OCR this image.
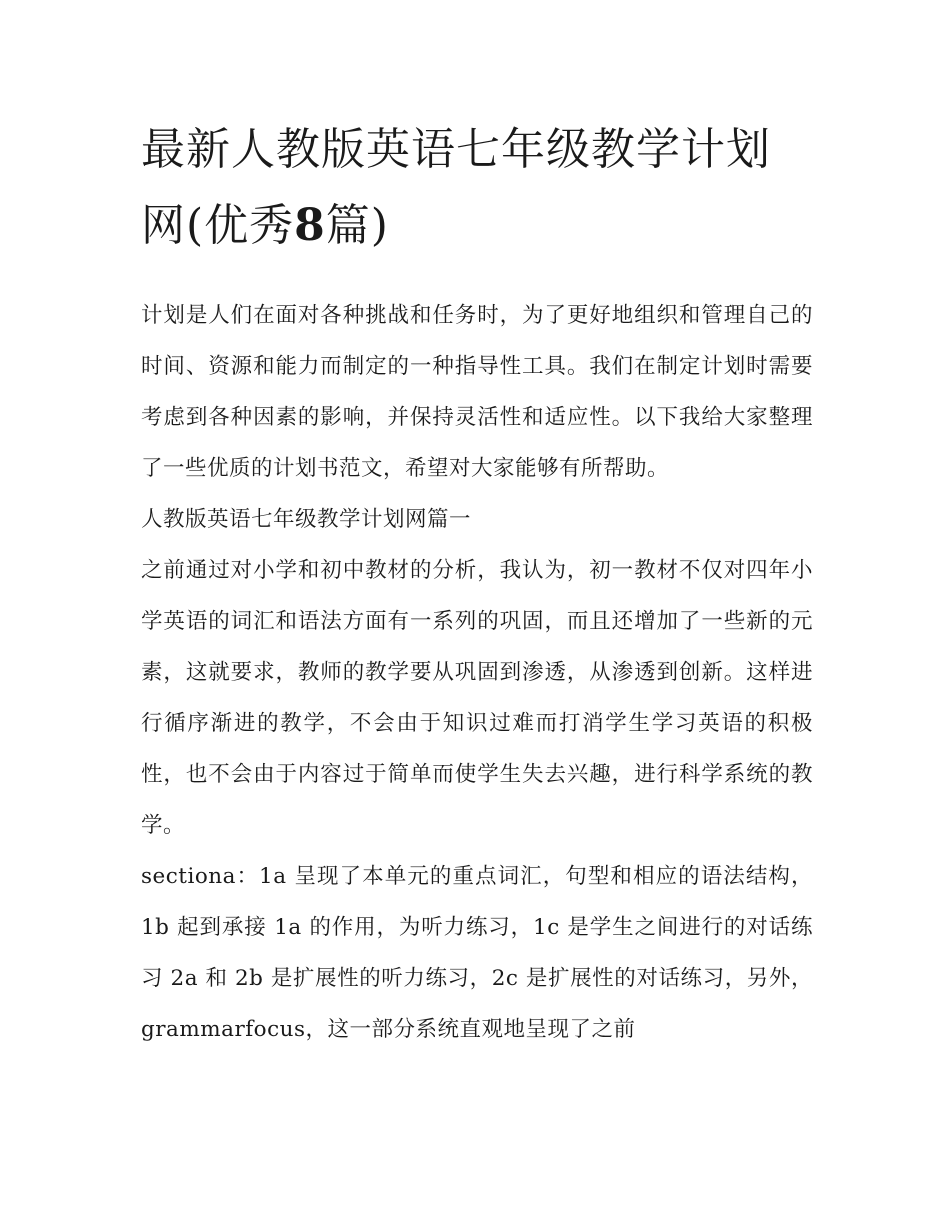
最新人教版英语七年级教学计划网(优秀8篇)

计划是人们在面对各种挑战和任务时，为了更好地组织和管理自己的时间、资源和能力而制定的一种指导性工具。我们在制定计划时需要考虑到各种因素的影响，并保持灵活性和适应性。以下我给大家整理了一些优质的计划书范文，希望对大家能够有所帮助。

人教版英语七年级教学计划网篇一

之前通过对小学和初中教材的分析，我认为，初一教材不仅对四年小学英语的词汇和语法方面有一系列的巩固，而且还增加了一些新的元素，这就要求，教师的教学要从巩固到渗透，从渗透到创新。这样进行循序渐进的教学，不会由于知识过难而打消学生学习英语的积极性，也不会由于内容过于简单而使学生失去兴趣，进行科学系统的教学。

sectiona：1a 呈现了本单元的重点词汇，句型和相应的语法结构，1b 起到承接 1a 的作用，为听力练习，1c 是学生之间进行的对话练习 2a 和 2b 是扩展性的听力练习，2c 是扩展性的对话练习，另外，grammarfocus，这一部分系统直观地呈现了之前
